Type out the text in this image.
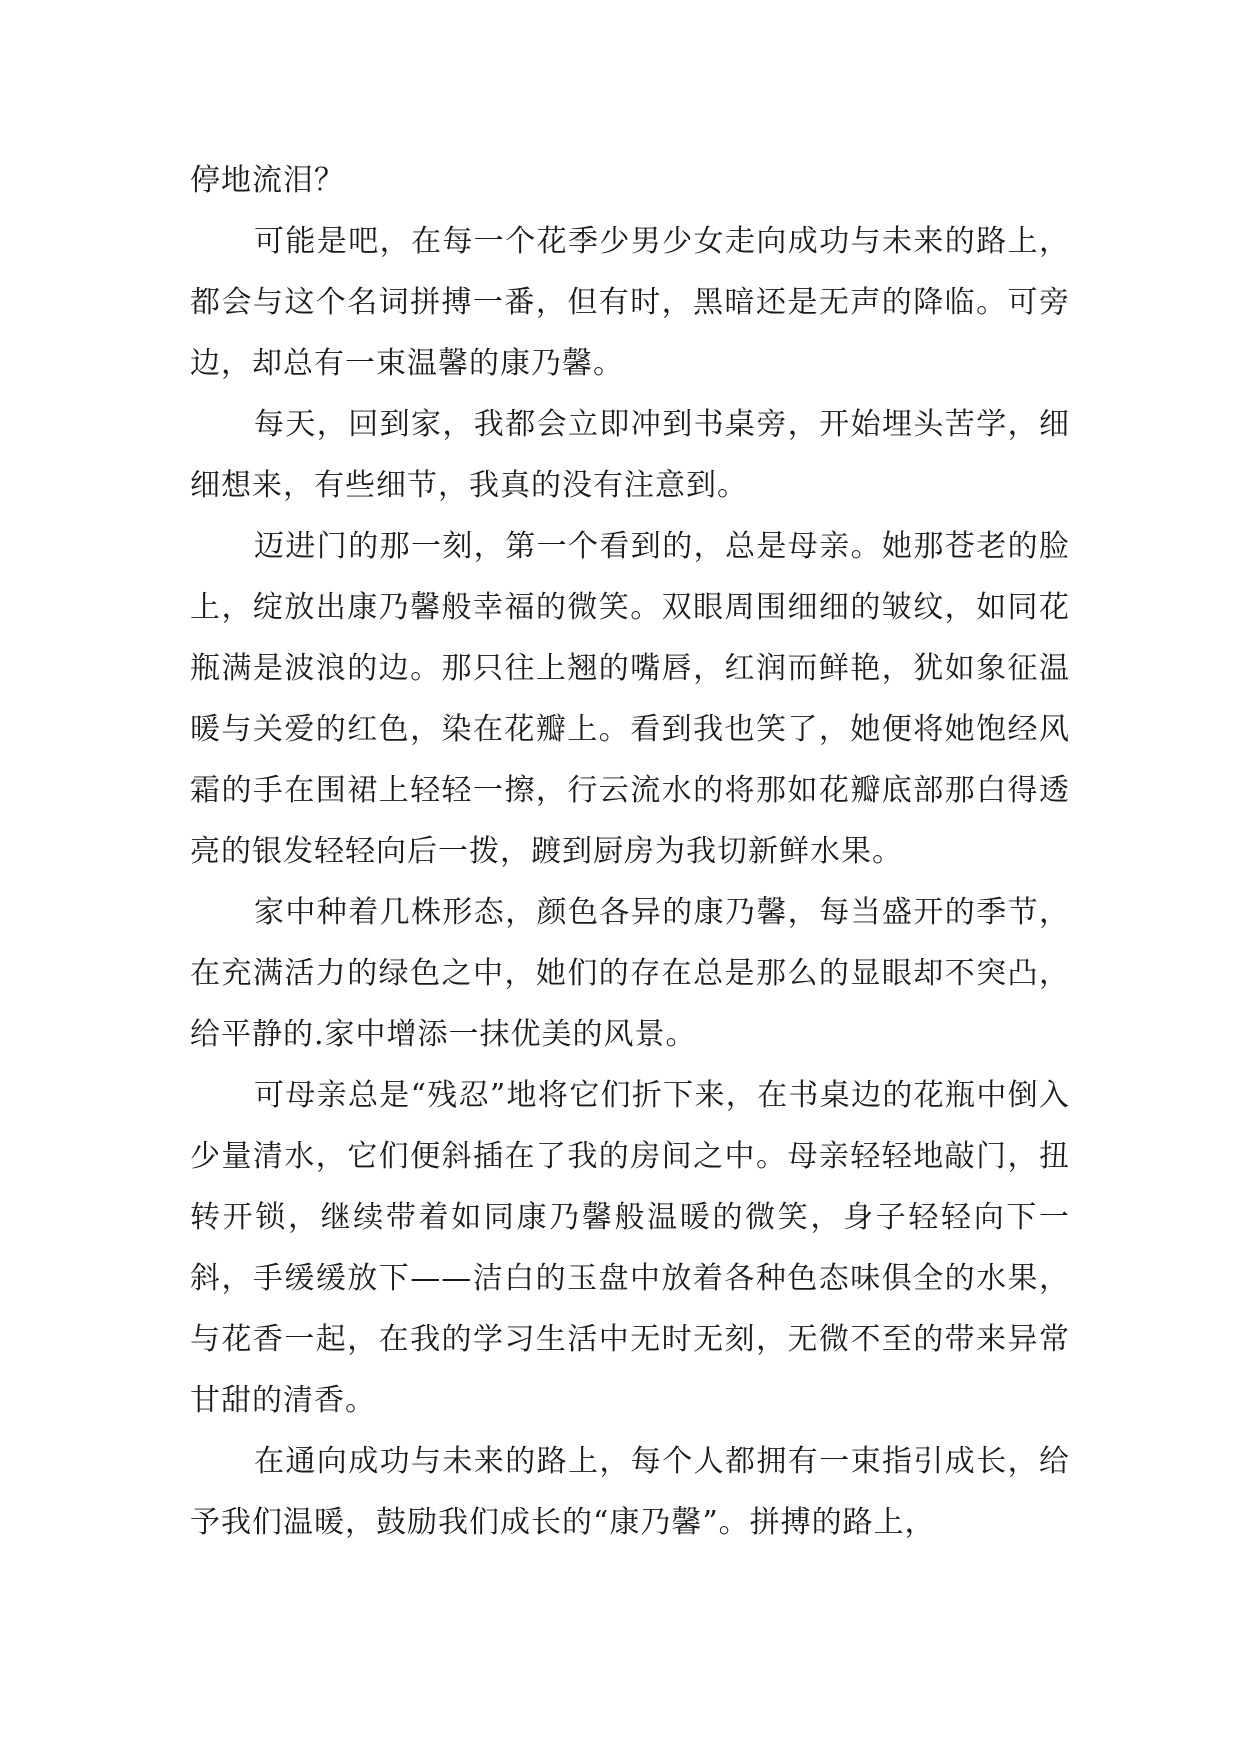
停地流泪？

可能是吧，在每一个花季少男少女走向成功与未来的路上，都会与这个名词拼搏一番，但有时，黑暗还是无声的降临。可旁边，却总有一束温馨的康乃馨。

每天，回到家，我都会立即冲到书桌旁，开始埋头苦学，细细想来，有些细节，我真的没有注意到。

迈进门的那一刻，第一个看到的，总是母亲。她那苍老的脸上，绽放出康乃馨般幸福的微笑。双眼周围细细的皱纹，如同花瓶满是波浪的边。那只往上翘的嘴唇，红润而鲜艳，犹如象征温暖与关爱的红色，染在花瓣上。看到我也笑了，她便将她饱经风霜的手在围裙上轻轻一擦，行云流水的将那如花瓣底部那白得透亮的银发轻轻向后一拨，踱到厨房为我切新鲜水果。

家中种着几株形态，颜色各异的康乃馨，每当盛开的季节，在充满活力的绿色之中，她们的存在总是那么的显眼却不突凸，给平静的.家中增添一抹优美的风景。

可母亲总是“残忍”地将它们折下来，在书桌边的花瓶中倒入少量清水，它们便斜插在了我的房间之中。母亲轻轻地敲门，扭转开锁，继续带着如同康乃馨般温暖的微笑，身子轻轻向下一斜，手缓缓放下——洁白的玉盘中放着各种色态味俱全的水果，与花香一起，在我的学习生活中无时无刻，无微不至的带来异常甘甜的清香。

在通向成功与未来的路上，每个人都拥有一束指引成长，给予我们温暖，鼓励我们成长的“康乃馨”。拼搏的路上，
